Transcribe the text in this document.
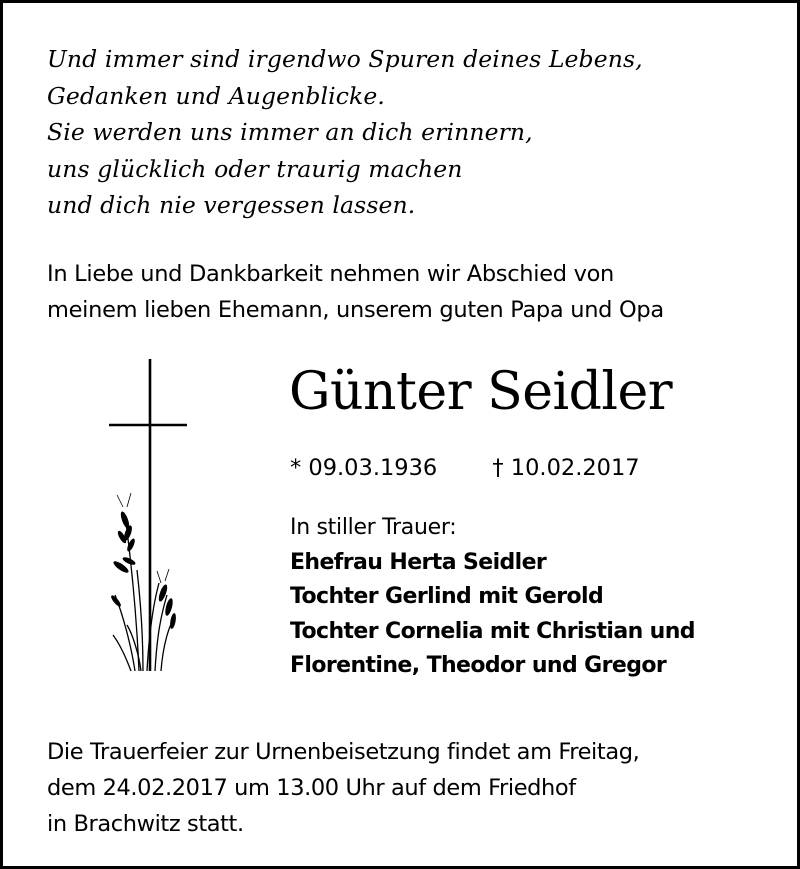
Und immer sind irgendwo Spuren deines Lebens,
Gedanken und Augenblicke.
Sie werden uns immer an dich erinnern,
uns glücklich oder traurig machen
und dich nie vergessen lassen.
In Liebe und Dankbarkeit nehmen wir Abschied von
meinem lieben Ehemann, unserem guten Papa und Opa
Günter Seidler
* 09.03.1936 † 10.02.2017
In stiller Trauer:
Ehefrau Herta Seidler
Tochter Gerlind mit Gerold
Tochter Cornelia mit Christian und
Florentine, Theodor und Gregor
Die Trauerfeier zur Urnenbeisetzung findet am Freitag,
dem 24.02.2017 um 13.00 Uhr auf dem Friedhof
in Brachwitz statt.
